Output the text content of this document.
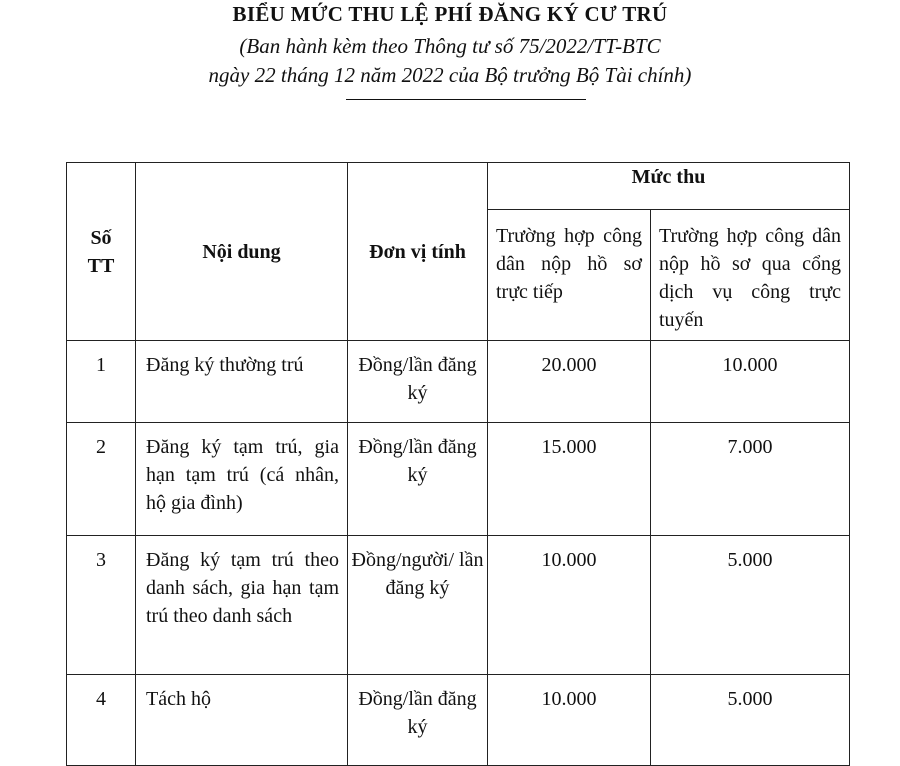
BIỂU MỨC THU LỆ PHÍ ĐĂNG KÝ CƯ TRÚ
(Ban hành kèm theo Thông tư số 75/2022/TT-BTC
ngày 22 tháng 12 năm 2022 của Bộ trưởng Bộ Tài chính)
Số TT	Nội dung	Đơn vị tính	Mức thu	
			Trường hợp công dân nộp hồ sơ trực tiếp	Trường hợp công dân nộp hồ sơ qua cổng dịch vụ công trực tuyến
1	Đăng ký thường trú	Đồng/lần đăng ký	20.000	10.000
2	Đăng ký tạm trú, gia hạn tạm trú (cá nhân, hộ gia đình)	Đồng/lần đăng ký	15.000	7.000
3	Đăng ký tạm trú theo danh sách, gia hạn tạm trú theo danh sách	Đồng/người/ lần đăng ký	10.000	5.000
4	Tách hộ	Đồng/lần đăng ký	10.000	5.000
